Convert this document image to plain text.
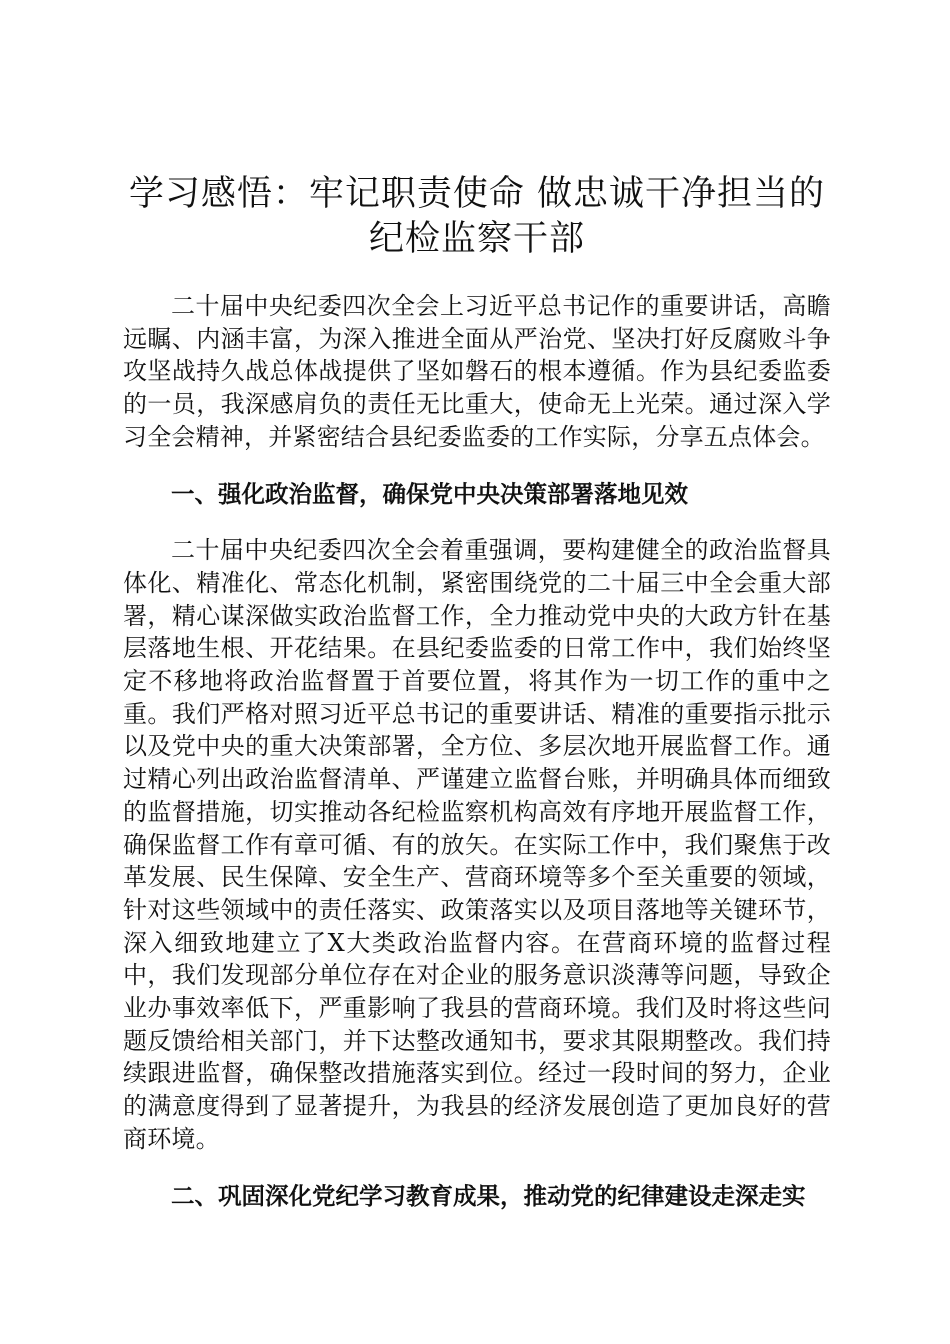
学习感悟：牢记职责使命 做忠诚干净担当的
纪检监察干部

二十届中央纪委四次全会上习近平总书记作的重要讲话，高瞻远瞩、内涵丰富，为深入推进全面从严治党、坚决打好反腐败斗争攻坚战持久战总体战提供了坚如磐石的根本遵循。作为县纪委监委的一员，我深感肩负的责任无比重大，使命无上光荣。通过深入学习全会精神，并紧密结合县纪委监委的工作实际，分享五点体会。

一、强化政治监督，确保党中央决策部署落地见效

二十届中央纪委四次全会着重强调，要构建健全的政治监督具体化、精准化、常态化机制，紧密围绕党的二十届三中全会重大部署，精心谋深做实政治监督工作，全力推动党中央的大政方针在基层落地生根、开花结果。在县纪委监委的日常工作中，我们始终坚定不移地将政治监督置于首要位置，将其作为一切工作的重中之重。我们严格对照习近平总书记的重要讲话、精准的重要指示批示以及党中央的重大决策部署，全方位、多层次地开展监督工作。通过精心列出政治监督清单、严谨建立监督台账，并明确具体而细致的监督措施，切实推动各纪检监察机构高效有序地开展监督工作，确保监督工作有章可循、有的放矢。在实际工作中，我们聚焦于改革发展、民生保障、安全生产、营商环境等多个至关重要的领域，针对这些领域中的责任落实、政策落实以及项目落地等关键环节，深入细致地建立了X大类政治监督内容。在营商环境的监督过程中，我们发现部分单位存在对企业的服务意识淡薄等问题，导致企业办事效率低下，严重影响了我县的营商环境。我们及时将这些问题反馈给相关部门，并下达整改通知书，要求其限期整改。我们持续跟进监督，确保整改措施落实到位。经过一段时间的努力，企业的满意度得到了显著提升，为我县的经济发展创造了更加良好的营商环境。

二、巩固深化党纪学习教育成果，推动党的纪律建设走深走实
